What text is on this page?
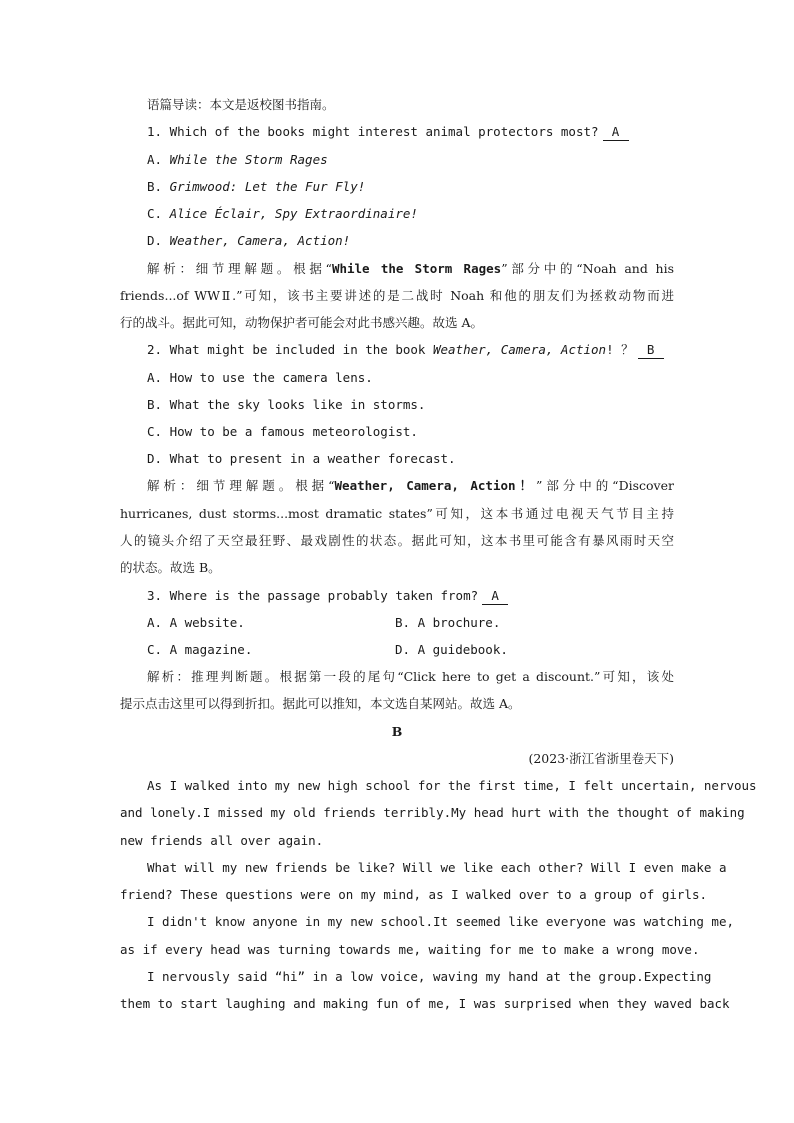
语篇导读：本文是返校图书指南。
1. Which of the books might interest animal protectors most? A
A. While the Storm Rages
B. Grimwood: Let the Fur Fly!
C. Alice Éclair, Spy Extraordinaire!
D. Weather, Camera, Action!
解析：细节理解题。根据“While the Storm Rages”部分中的“Noah and his
friends...of WWⅡ.”可知，该书主要讲述的是二战时 Noah 和他的朋友们为拯救动物而进
行的战斗。据此可知，动物保护者可能会对此书感兴趣。故选 A。
2. What might be included in the book Weather, Camera, Action! ？ B
A. How to use the camera lens.
B. What the sky looks like in storms.
C. How to be a famous meteorologist.
D. What to present in a weather forecast.
解析：细节理解题。根据“Weather, Camera, Action！”部分中的“Discover
hurricanes, dust storms...most dramatic states”可知，这本书通过电视天气节目主持
人的镜头介绍了天空最狂野、最戏剧性的状态。据此可知，这本书里可能含有暴风雨时天空
的状态。故选 B。
3. Where is the passage probably taken from? A
A. A website.	B. A brochure.
C. A magazine.	D. A guidebook.
解析：推理判断题。根据第一段的尾句“Click here to get a discount.”可知，该处
提示点击这里可以得到折扣。据此可以推知，本文选自某网站。故选 A。
B
(2023·浙江省浙里卷天下)
As I walked into my new high school for the first time, I felt uncertain, nervous
and lonely.I missed my old friends terribly.My head hurt with the thought of making
new friends all over again.
What will my new friends be like? Will we like each other? Will I even make a
friend? These questions were on my mind, as I walked over to a group of girls.
I didn't know anyone in my new school.It seemed like everyone was watching me,
as if every head was turning towards me, waiting for me to make a wrong move.
I nervously said “hi” in a low voice, waving my hand at the group.Expecting
them to start laughing and making fun of me, I was surprised when they waved back
